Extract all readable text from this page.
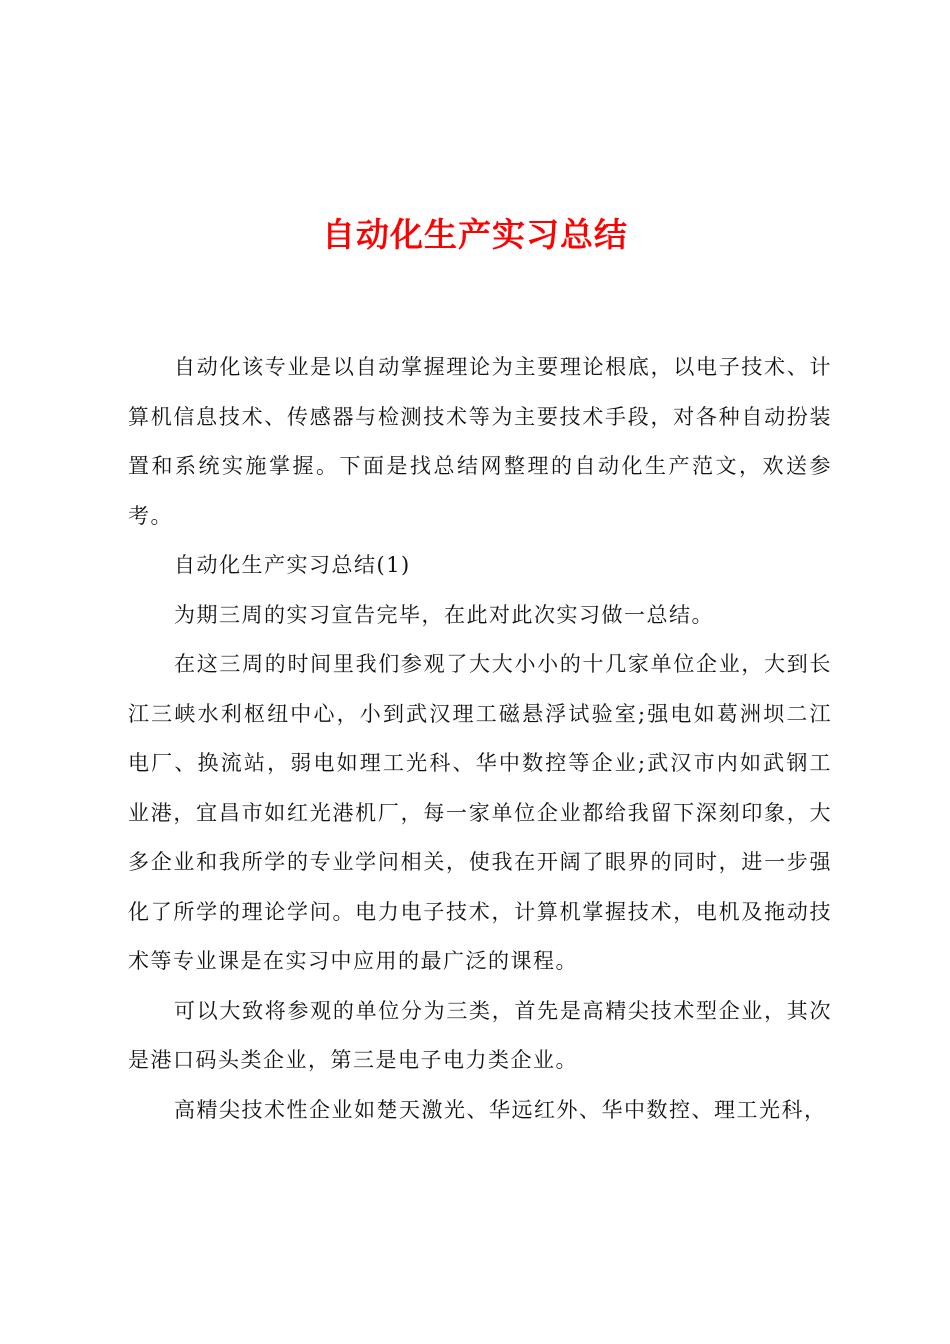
自动化生产实习总结

自动化该专业是以自动掌握理论为主要理论根底，以电子技术、计算机信息技术、传感器与检测技术等为主要技术手段，对各种自动扮装置和系统实施掌握。下面是找总结网整理的自动化生产范文，欢送参考。

自动化生产实习总结(1)

为期三周的实习宣告完毕，在此对此次实习做一总结。

在这三周的时间里我们参观了大大小小的十几家单位企业，大到长江三峡水利枢纽中心，小到武汉理工磁悬浮试验室;强电如葛洲坝二江电厂、换流站，弱电如理工光科、华中数控等企业;武汉市内如武钢工业港，宜昌市如红光港机厂，每一家单位企业都给我留下深刻印象，大多企业和我所学的专业学问相关，使我在开阔了眼界的同时，进一步强化了所学的理论学问。电力电子技术，计算机掌握技术，电机及拖动技术等专业课是在实习中应用的最广泛的课程。

可以大致将参观的单位分为三类，首先是高精尖技术型企业，其次是港口码头类企业，第三是电子电力类企业。

高精尖技术性企业如楚天激光、华远红外、华中数控、理工光科，
